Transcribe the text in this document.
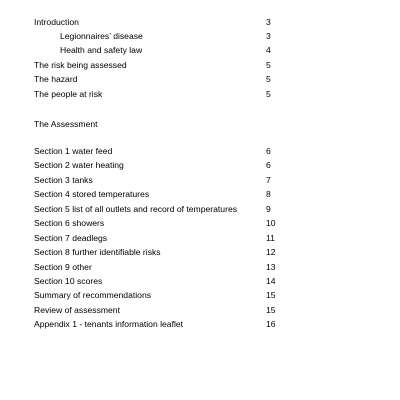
Introduction	3
Legionnaires’ disease	3
Health and safety law	4
The risk being assessed	5
The hazard	5
The people at risk	5
The Assessment
Section 1 water feed	6
Section 2 water heating	6
Section 3 tanks	7
Section 4 stored temperatures	8
Section 5 list of all outlets and record of temperatures	9
Section 6 showers	10
Section 7 deadlegs	11
Section 8 further identifiable risks	12
Section 9 other	13
Section 10 scores	14
Summary of recommendations	15
Review of assessment	15
Appendix 1 - tenants information leaflet	16
